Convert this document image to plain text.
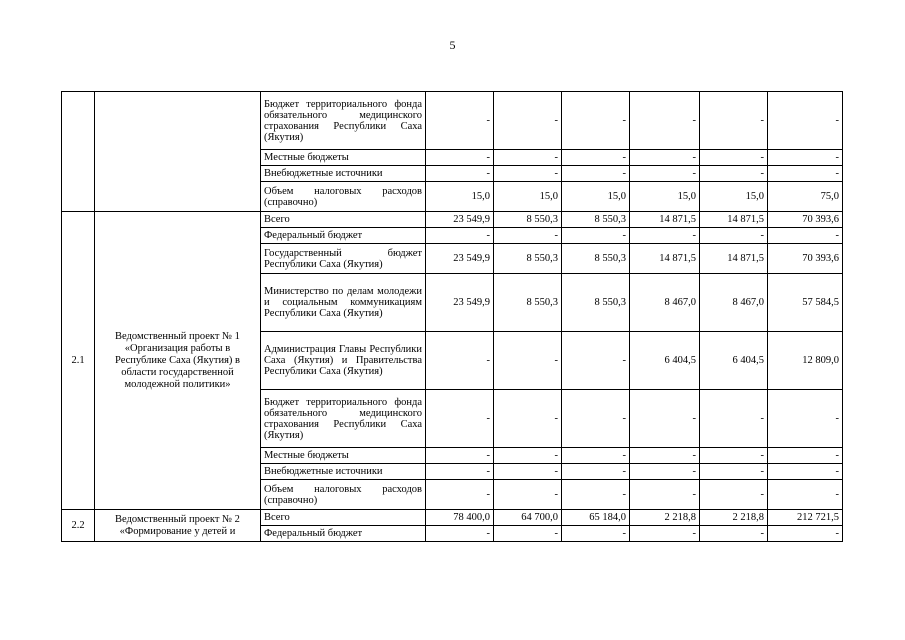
5
		Бюджет территориального фонда обязательного медицинского страхования Республики Саха (Якутия)	-	-	-	-	-	-
		Местные бюджеты	-	-	-	-	-	-
		Внебюджетные источники	-	-	-	-	-	-
		Объем налоговых расходов (справочно)	15,0	15,0	15,0	15,0	15,0	75,0
2.1	Ведомственный проект № 1 «Организация работы в Республике Саха (Якутия) в области государственной молодежной политики»	Всего	23 549,9	8 550,3	8 550,3	14 871,5	14 871,5	70 393,6
		Федеральный бюджет	-	-	-	-	-	-
		Государственный бюджет Республики Саха (Якутия)	23 549,9	8 550,3	8 550,3	14 871,5	14 871,5	70 393,6
		Министерство по делам молодежи и социальным коммуникациям Республики Саха (Якутия)	23 549,9	8 550,3	8 550,3	8 467,0	8 467,0	57 584,5
		Администрация Главы Республики Саха (Якутия) и Правительства Республики Саха (Якутия)	-	-	-	6 404,5	6 404,5	12 809,0
		Бюджет территориального фонда обязательного медицинского страхования Республики Саха (Якутия)	-	-	-	-	-	-
		Местные бюджеты	-	-	-	-	-	-
		Внебюджетные источники	-	-	-	-	-	-
		Объем налоговых расходов (справочно)	-	-	-	-	-	-
2.2	Ведомственный проект № 2 «Формирование у детей и	Всего	78 400,0	64 700,0	65 184,0	2 218,8	2 218,8	212 721,5
		Федеральный бюджет	-	-	-	-	-	-
